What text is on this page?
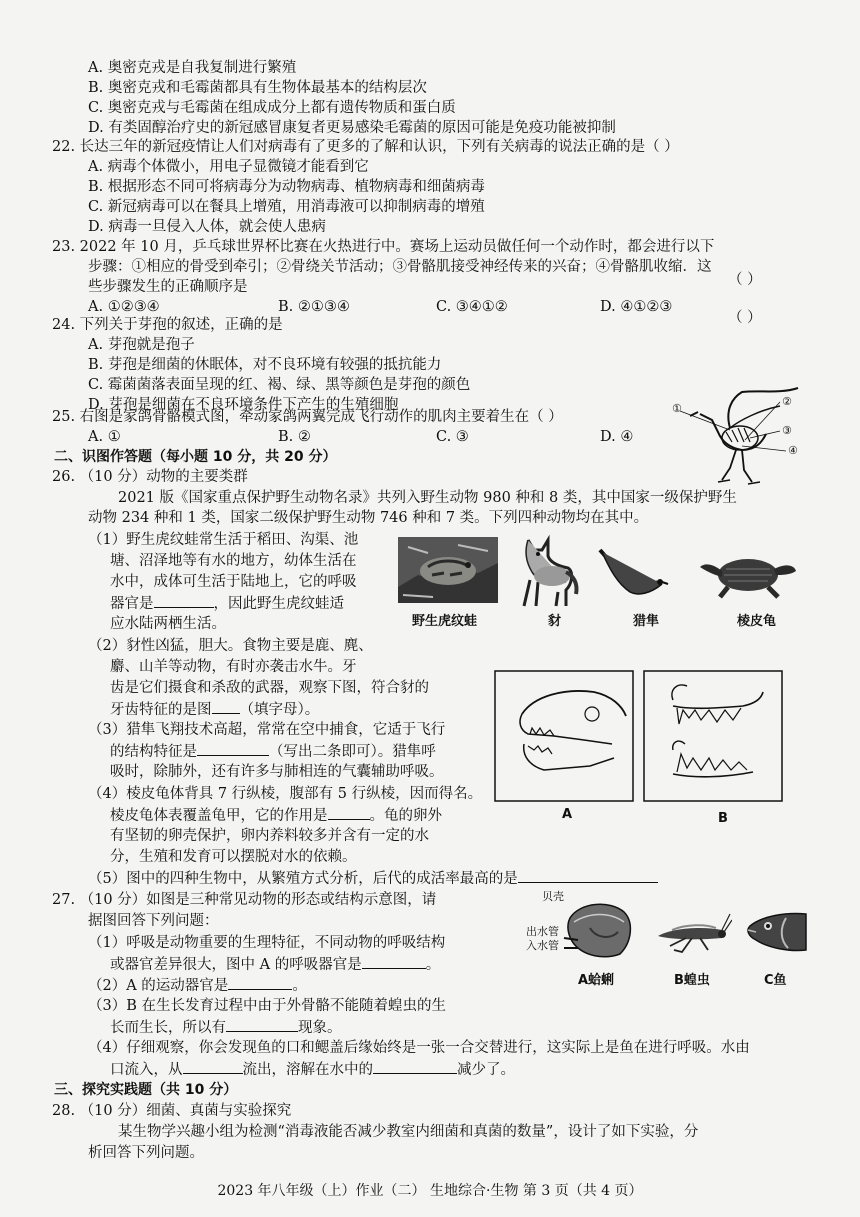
A. 奥密克戎是自我复制进行繁殖
B. 奥密克戎和毛霉菌都具有生物体最基本的结构层次
C. 奥密克戎与毛霉菌在组成成分上都有遗传物质和蛋白质
D. 有类固醇治疗史的新冠感冒康复者更易感染毛霉菌的原因可能是免疫功能被抑制
22. 长达三年的新冠疫情让人们对病毒有了更多的了解和认识，下列有关病毒的说法正确的是（ ）
A. 病毒个体微小，用电子显微镜才能看到它
B. 根据形态不同可将病毒分为动物病毒、植物病毒和细菌病毒
C. 新冠病毒可以在餐具上增殖，用消毒液可以抑制病毒的增殖
D. 病毒一旦侵入人体，就会使人患病
23. 2022 年 10 月，乒乓球世界杯比赛在火热进行中。赛场上运动员做任何一个动作时，都会进行以下
步骤：①相应的骨受到牵引；②骨绕关节活动；③骨骼肌接受神经传来的兴奋；④骨骼肌收缩．这
些步骤发生的正确顺序是	（ ）
A. ①②③④	B. ②①③④	C. ③④①②	D. ④①②③
24. 下列关于芽孢的叙述，正确的是	（ ）
A. 芽孢就是孢子
B. 芽孢是细菌的休眠体，对不良环境有较强的抵抗能力
C. 霉菌菌落表面呈现的红、褐、绿、黑等颜色是芽孢的颜色
D. 芽孢是细菌在不良环境条件下产生的生殖细胞
25. 右图是家鸽骨骼模式图，牵动家鸽两翼完成飞行动作的肌肉主要着生在（ ）
A. ①	B. ②	C. ③	D. ④
①
②
③
④
二、识图作答题（每小题 10 分，共 20 分）
26. （10 分）动物的主要类群
2021 版《国家重点保护野生动物名录》共列入野生动物 980 种和 8 类，其中国家一级保护野生
动物 234 种和 1 类，国家二级保护野生动物 746 种和 7 类。下列四种动物均在其中。
（1）野生虎纹蛙常生活于稻田、沟渠、池
塘、沼泽地等有水的地方，幼体生活在
水中，成体可生活于陆地上，它的呼吸
器官是	，因此野生虎纹蛙适
应水陆两栖生活。
（2）豺性凶猛，胆大。食物主要是鹿、麂、
麝、山羊等动物，有时亦袭击水牛。牙
齿是它们摄食和杀敌的武器，观察下图，符合豺的
牙齿特征的是图 （填字母）。
（3）猎隼飞翔技术高超，常常在空中捕食，它适于飞行
的结构特征是	（写出二条即可）。猎隼呼
吸时，除肺外，还有许多与肺相连的气囊辅助呼吸。
（4）棱皮龟体背具 7 行纵棱，腹部有 5 行纵棱，因而得名。
棱皮龟体表覆盖龟甲，它的作用是	。龟的卵外
有坚韧的卵壳保护，卵内养料较多并含有一定的水
分，生殖和发育可以摆脱对水的依赖。
（5）图中的四种生物中，从繁殖方式分析，后代的成活率最高的是
野生虎纹蛙	豺	猎隼	棱皮龟
A	B
27. （10 分）如图是三种常见动物的形态或结构示意图，请
据图回答下列问题：
（1）呼吸是动物重要的生理特征，不同动物的呼吸结构
或器官差异很大，图中 A 的呼吸器官是	。
（2）A 的运动器官是	。
（3）B 在生长发育过程中由于外骨骼不能随着蝗虫的生
长而生长，所以有	现象。
（4）仔细观察，你会发现鱼的口和鳃盖后缘始终是一张一合交替进行，这实际上是鱼在进行呼吸。水由
口流入，从	流出，溶解在水中的	减少了。
贝壳
出水管
入水管
A蛤蜊	B蝗虫	C鱼
三、探究实践题（共 10 分）
28. （10 分）细菌、真菌与实验探究
某生物学兴趣小组为检测“消毒液能否减少教室内细菌和真菌的数量”，设计了如下实验，分
析回答下列问题。
2023 年八年级（上）作业（二） 生地综合·生物 第 3 页（共 4 页）
